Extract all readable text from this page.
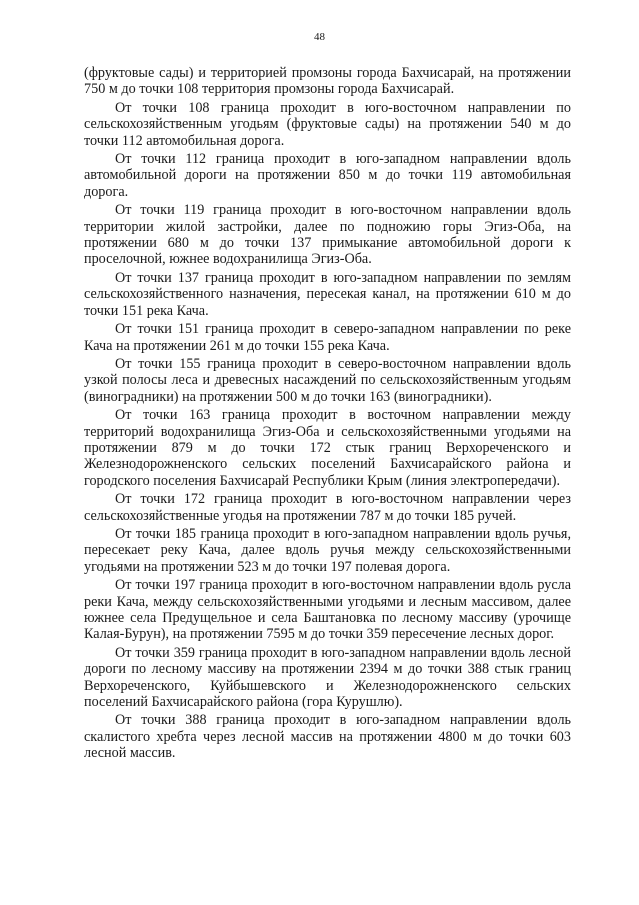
48

(фруктовые сады) и территорией промзоны города Бахчисарай, на протяжении 750 м до точки 108 территория промзоны города Бахчисарай.

От точки 108 граница проходит в юго-восточном направлении по сельскохозяйственным угодьям (фруктовые сады) на протяжении 540 м до точки 112 автомобильная дорога.

От точки 112 граница проходит в юго-западном направлении вдоль автомобильной дороги на протяжении 850 м до точки 119 автомобильная дорога.

От точки 119 граница проходит в юго-восточном направлении вдоль территории жилой застройки, далее по подножию горы Эгиз-Оба, на протяжении 680 м до точки 137 примыкание автомобильной дороги к проселочной, южнее водохранилища Эгиз-Оба.

От точки 137 граница проходит в юго-западном направлении по землям сельскохозяйственного назначения, пересекая канал, на протяжении 610 м до точки 151 река Кача.

От точки 151 граница проходит в северо-западном направлении по реке Кача на протяжении 261 м до точки 155 река Кача.

От точки 155 граница проходит в северо-восточном направлении вдоль узкой полосы леса и древесных насаждений по сельскохозяйственным угодьям (виноградники) на протяжении 500 м до точки 163 (виноградники).

От точки 163 граница проходит в восточном направлении между территорий водохранилища Эгиз-Оба и сельскохозяйственными угодьями на протяжении 879 м до точки 172 стык границ Верхореченского и Железнодорожненского сельских поселений Бахчисарайского района и городского поселения Бахчисарай Республики Крым (линия электропередачи).

От точки 172 граница проходит в юго-восточном направлении через сельскохозяйственные угодья на протяжении 787 м до точки 185 ручей.

От точки 185 граница проходит в юго-западном направлении вдоль ручья, пересекает реку Кача, далее вдоль ручья между сельскохозяйственными угодьями на протяжении 523 м до точки 197 полевая дорога.

От точки 197 граница проходит в юго-восточном направлении вдоль русла реки Кача, между сельскохозяйственными угодьями и лесным массивом, далее южнее села Предущельное и села Баштановка по лесному массиву (урочище Калая-Бурун), на протяжении 7595 м до точки 359 пересечение лесных дорог.

От точки 359 граница проходит в юго-западном направлении вдоль лесной дороги по лесному массиву на протяжении 2394 м до точки 388 стык границ Верхореченского, Куйбышевского и Железнодорожненского сельских поселений Бахчисарайского района (гора Курушлю).

От точки 388 граница проходит в юго-западном направлении вдоль скалистого хребта через лесной массив на протяжении 4800 м до точки 603 лесной массив.
